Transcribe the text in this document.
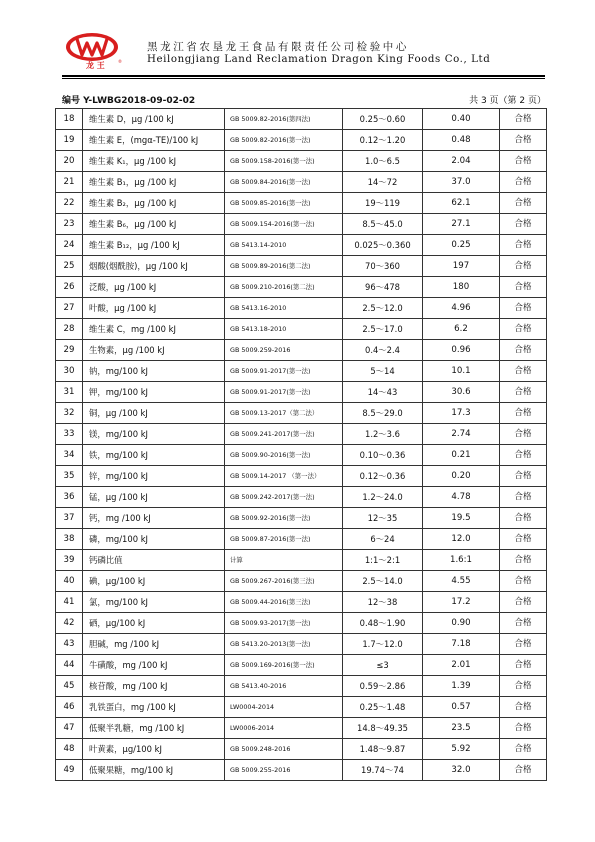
龙 王	®
黑龙江省农垦龙王食品有限责任公司检验中心
Heilongjiang Land Reclamation Dragon King Foods Co., Ltd
编号 Y-LWBG2018-09-02-02	共 3 页（第 2 页）
18	维生素 D，μg /100 kJ	GB 5009.82-2016(第四法)	0.25～0.60	0.40	合格
19	维生素 E，(mgα-TE)/100 kJ	GB 5009.82-2016(第一法)	0.12～1.20	0.48	合格
20	维生素 K₁，μg /100 kJ	GB 5009.158-2016(第一法)	1.0～6.5	2.04	合格
21	维生素 B₁，μg /100 kJ	GB 5009.84-2016(第一法)	14～72	37.0	合格
22	维生素 B₂，μg /100 kJ	GB 5009.85-2016(第一法)	19～119	62.1	合格
23	维生素 B₆，μg /100 kJ	GB 5009.154-2016(第一法)	8.5～45.0	27.1	合格
24	维生素 B₁₂，μg /100 kJ	GB 5413.14-2010	0.025～0.360	0.25	合格
25	烟酸(烟酰胺)，μg /100 kJ	GB 5009.89-2016(第二法)	70～360	197	合格
26	泛酸，μg /100 kJ	GB 5009.210-2016(第二法)	96～478	180	合格
27	叶酸，μg /100 kJ	GB 5413.16-2010	2.5～12.0	4.96	合格
28	维生素 C，mg /100 kJ	GB 5413.18-2010	2.5～17.0	6.2	合格
29	生物素，μg /100 kJ	GB 5009.259-2016	0.4～2.4	0.96	合格
30	钠，mg/100 kJ	GB 5009.91-2017(第一法)	5～14	10.1	合格
31	钾，mg/100 kJ	GB 5009.91-2017(第一法)	14～43	30.6	合格
32	铜，μg /100 kJ	GB 5009.13-2017（第二法）	8.5～29.0	17.3	合格
33	镁，mg/100 kJ	GB 5009.241-2017(第一法)	1.2～3.6	2.74	合格
34	铁，mg/100 kJ	GB 5009.90-2016(第一法)	0.10～0.36	0.21	合格
35	锌，mg/100 kJ	GB 5009.14-2017 （第一法）	0.12～0.36	0.20	合格
36	锰，μg /100 kJ	GB 5009.242-2017(第一法)	1.2～24.0	4.78	合格
37	钙，mg /100 kJ	GB 5009.92-2016(第一法)	12～35	19.5	合格
38	磷，mg/100 kJ	GB 5009.87-2016(第一法)	6～24	12.0	合格
39	钙磷比值	计算	1:1～2:1	1.6:1	合格
40	碘，μg/100 kJ	GB 5009.267-2016(第三法)	2.5～14.0	4.55	合格
41	氯，mg/100 kJ	GB 5009.44-2016(第三法)	12～38	17.2	合格
42	硒，μg/100 kJ	GB 5009.93-2017(第一法)	0.48～1.90	0.90	合格
43	胆碱，mg /100 kJ	GB 5413.20-2013(第一法)	1.7～12.0	7.18	合格
44	牛磺酸，mg /100 kJ	GB 5009.169-2016(第一法)	≤3	2.01	合格
45	核苷酸，mg /100 kJ	GB 5413.40-2016	0.59～2.86	1.39	合格
46	乳铁蛋白，mg /100 kJ	LW0004-2014	0.25～1.48	0.57	合格
47	低聚半乳糖，mg /100 kJ	LW0006-2014	14.8～49.35	23.5	合格
48	叶黄素，μg/100 kJ	GB 5009.248-2016	1.48～9.87	5.92	合格
49	低聚果糖，mg/100 kJ	GB 5009.255-2016	19.74～74	32.0	合格
